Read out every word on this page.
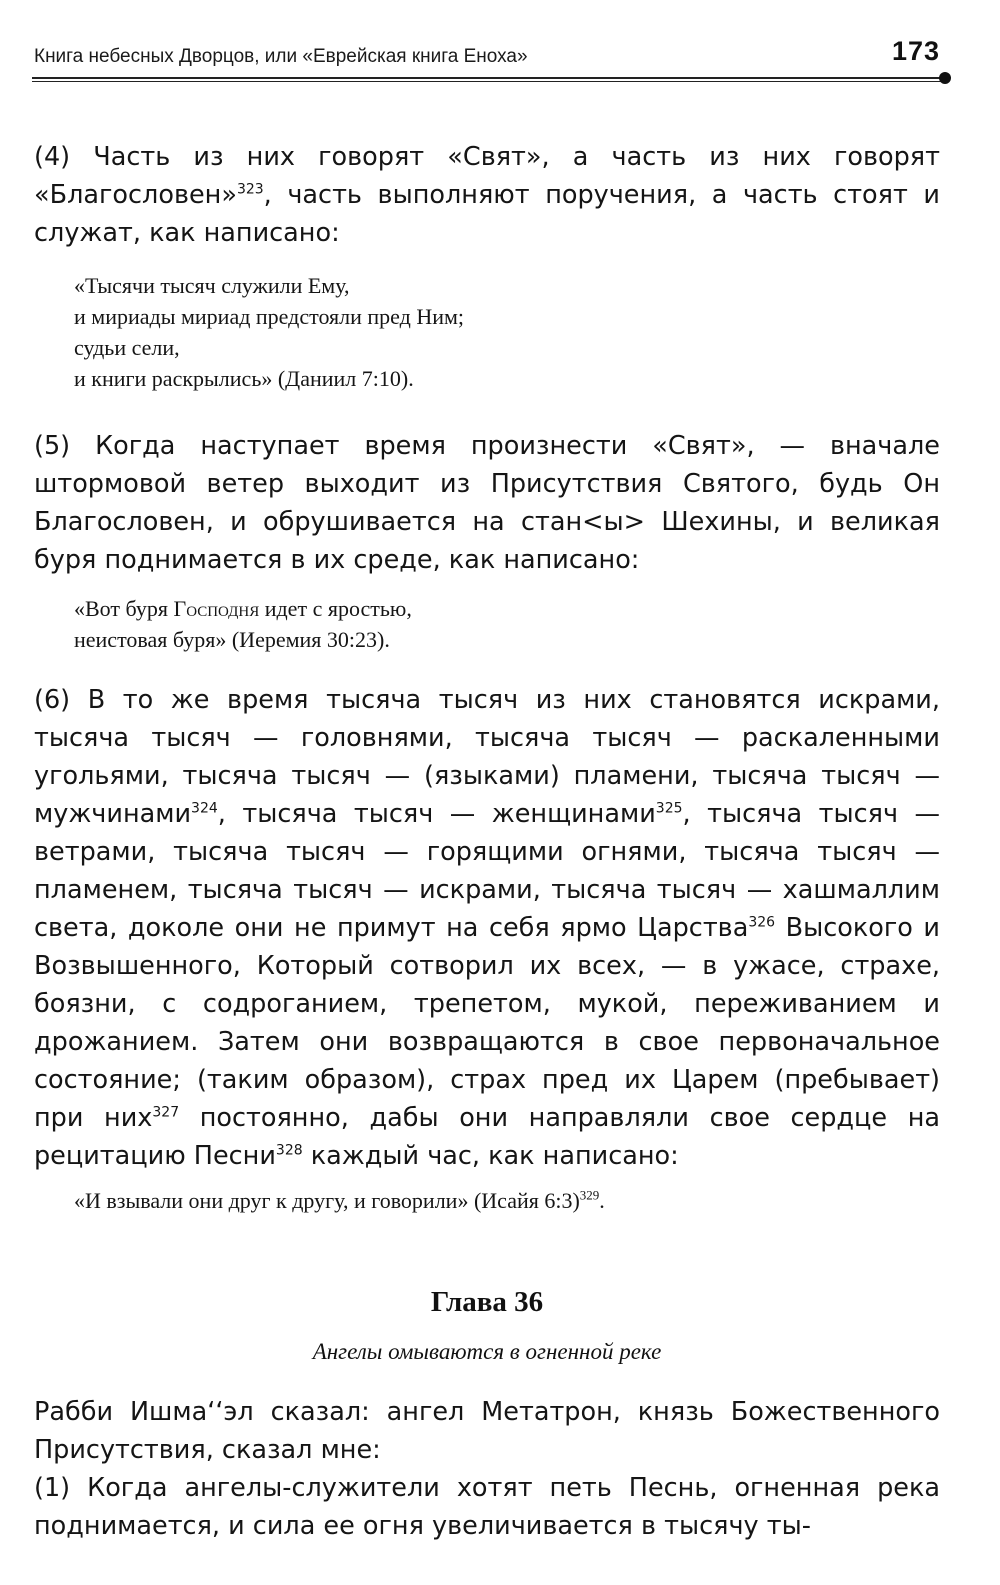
Книга небесных Дворцов, или «Еврейская книга Еноха»	173

(4) Часть из них говорят «Свят», а часть из них говорят «Благословен»$^{323}$, часть выполняют поручения, а часть стоят и служат, как написано:

«Тысячи тысяч служили Ему,
и мириады мириад предстояли пред Ним;
судьи сели,
и книги раскрылись» (Даниил 7:10).

(5) Когда наступает время произнести «Свят», — вначале штормовой ветер выходит из Присутствия Святого, будь Он Благословен, и обрушивается на стан<ы> Шехины, и великая буря поднимается в их среде, как написано:

«Вот буря Господня идет с яростью,
неистовая буря» (Иеремия 30:23).

(6) В то же время тысяча тысяч из них становятся искрами, тысяча тысяч — головнями, тысяча тысяч — раскаленными угольями, тысяча тысяч — (языками) пламени, тысяча тысяч — мужчинами$^{324}$, тысяча тысяч — женщинами$^{325}$, тысяча тысяч — ветрами, тысяча тысяч — горящими огнями, тысяча тысяч — пламенем, тысяча тысяч — искрами, тысяча тысяч — хашмаллим света, доколе они не примут на себя ярмо Царства$^{326}$ Высокого и Возвышенного, Который сотворил их всех, — в ужасе, страхе, боязни, с содроганием, трепетом, мукой, переживанием и дрожанием. Затем они возвращаются в свое первоначальное состояние; (таким образом), страх пред их Царем (пребывает) при них$^{327}$ постоянно, дабы они направляли свое сердце на рецитацию Песни$^{328}$ каждый час, как написано:

«И взывали они друг к другу, и говорили» (Исайя 6:3)$^{329}$.
Глава 36
Ангелы омываются в огненной реке

Рабби Ишма‘‘эл сказал: ангел Метатрон, князь Божественного Присутствия, сказал мне:

(1) Когда ангелы-служители хотят петь Песнь, огненная река поднимается, и сила ее огня увеличивается в тысячу ты-
